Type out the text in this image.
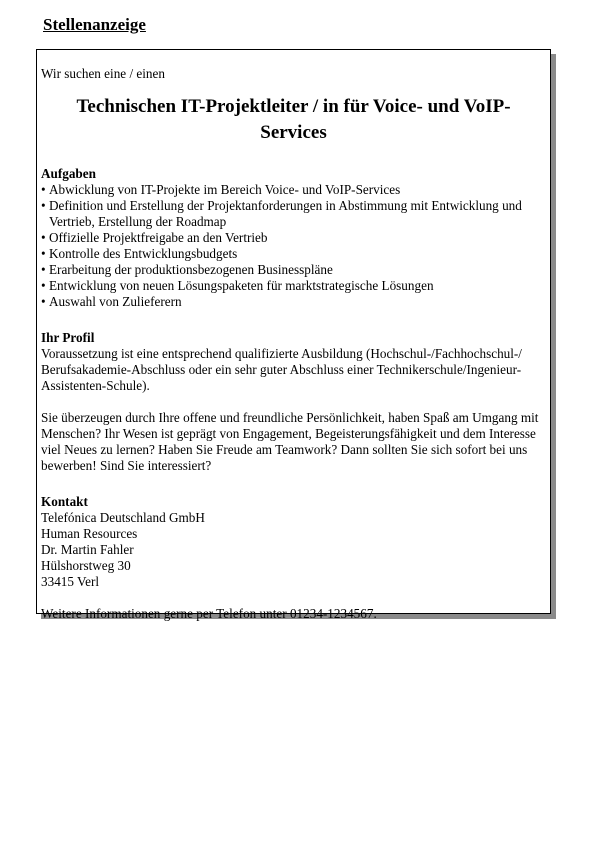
Stellenanzeige

Wir suchen eine / einen

Technischen IT-Projektleiter / in für Voice- und VoIP-Services

Aufgaben

• Abwicklung von IT-Projekte im Bereich Voice- und VoIP-Services
• Definition und Erstellung der Projektanforderungen in Abstimmung mit Entwicklung und Vertrieb, Erstellung der Roadmap
• Offizielle Projektfreigabe an den Vertrieb
• Kontrolle des Entwicklungsbudgets
• Erarbeitung der produktionsbezogenen Businesspläne
• Entwicklung von neuen Lösungspaketen für marktstrategische Lösungen
• Auswahl von Zulieferern

Ihr Profil

Voraussetzung ist eine entsprechend qualifizierte Ausbildung (Hochschul-/Fachhochschul-/ Berufsakademie-Abschluss oder ein sehr guter Abschluss einer Technikerschule/Ingenieur-Assistenten-Schule).

Sie überzeugen durch Ihre offene und freundliche Persönlichkeit, haben Spaß am Umgang mit Menschen? Ihr Wesen ist geprägt von Engagement, Begeisterungsfähigkeit und dem Interesse viel Neues zu lernen? Haben Sie Freude am Teamwork? Dann sollten Sie sich sofort bei uns bewerben! Sind Sie interessiert?

Kontakt

Telefónica Deutschland GmbH

Human Resources

Dr. Martin Fahler

Hülshorstweg 30

33415 Verl

Weitere Informationen gerne per Telefon unter 01234-1234567.
